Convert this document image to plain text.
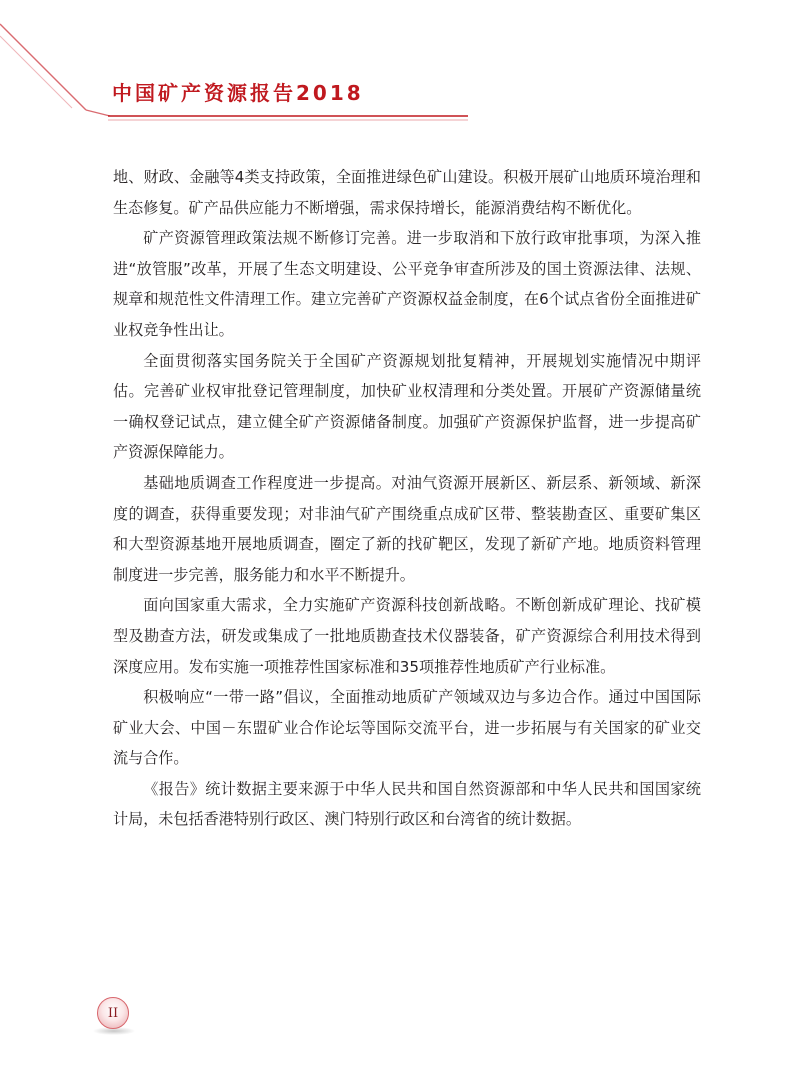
中国矿产资源报告2018

地、财政、金融等4类支持政策，全面推进绿色矿山建设。积极开展矿山地质环境治理和生态修复。矿产品供应能力不断增强，需求保持增长，能源消费结构不断优化。

矿产资源管理政策法规不断修订完善。进一步取消和下放行政审批事项，为深入推进“放管服”改革，开展了生态文明建设、公平竞争审查所涉及的国土资源法律、法规、规章和规范性文件清理工作。建立完善矿产资源权益金制度，在6个试点省份全面推进矿业权竞争性出让。

全面贯彻落实国务院关于全国矿产资源规划批复精神，开展规划实施情况中期评估。完善矿业权审批登记管理制度，加快矿业权清理和分类处置。开展矿产资源储量统一确权登记试点，建立健全矿产资源储备制度。加强矿产资源保护监督，进一步提高矿产资源保障能力。

基础地质调查工作程度进一步提高。对油气资源开展新区、新层系、新领域、新深度的调查，获得重要发现；对非油气矿产围绕重点成矿区带、整装勘查区、重要矿集区和大型资源基地开展地质调查，圈定了新的找矿靶区，发现了新矿产地。地质资料管理制度进一步完善，服务能力和水平不断提升。

面向国家重大需求，全力实施矿产资源科技创新战略。不断创新成矿理论、找矿模型及勘查方法，研发或集成了一批地质勘查技术仪器装备，矿产资源综合利用技术得到深度应用。发布实施一项推荐性国家标准和35项推荐性地质矿产行业标准。

积极响应“一带一路”倡议，全面推动地质矿产领域双边与多边合作。通过中国国际矿业大会、中国－东盟矿业合作论坛等国际交流平台，进一步拓展与有关国家的矿业交流与合作。

《报告》统计数据主要来源于中华人民共和国自然资源部和中华人民共和国国家统计局，未包括香港特别行政区、澳门特别行政区和台湾省的统计数据。

II
